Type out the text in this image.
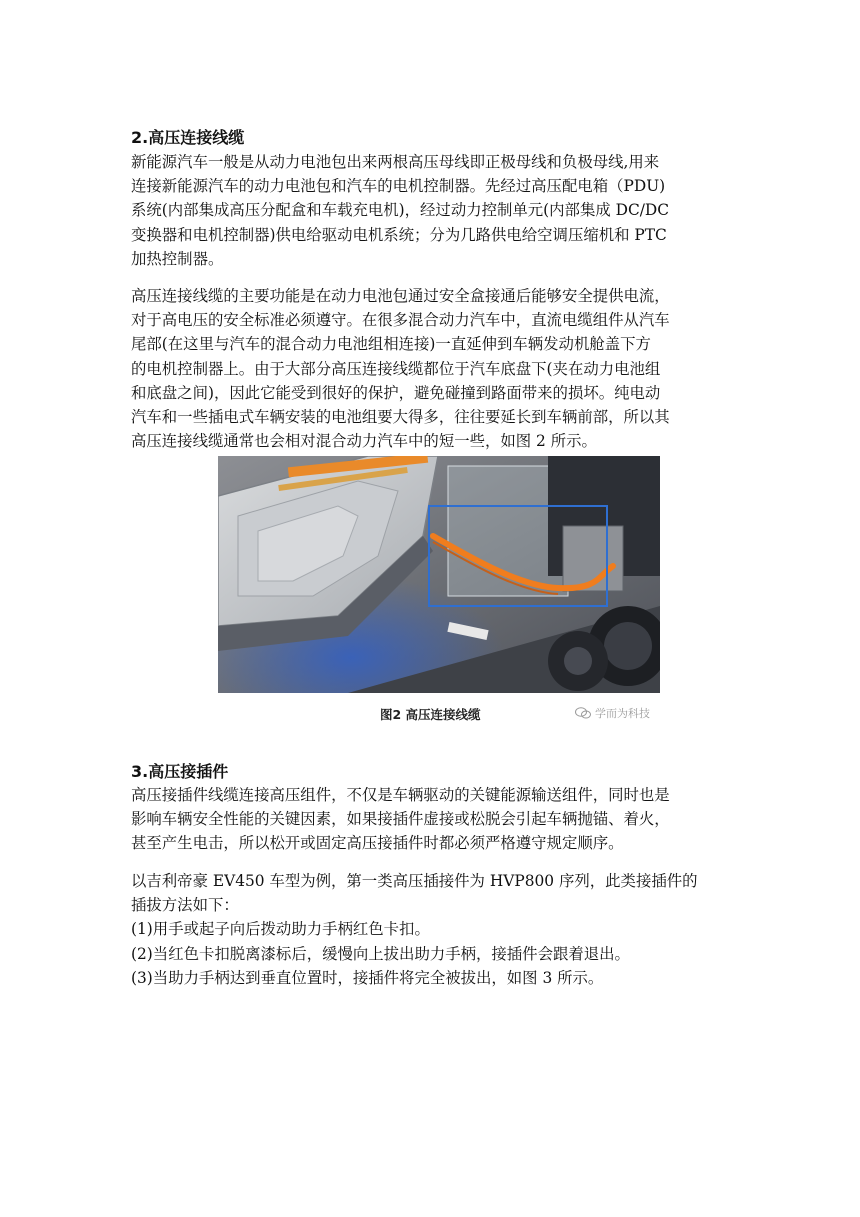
2.高压连接线缆

新能源汽车一般是从动力电池包出来两根高压母线即正极母线和负极母线,用来

连接新能源汽车的动力电池包和汽车的电机控制器。先经过高压配电箱（PDU)

系统(内部集成高压分配盒和车载充电机)，经过动力控制单元(内部集成 DC/DC

变换器和电机控制器)供电给驱动电机系统；分为几路供电给空调压缩机和 PTC

加热控制器。

高压连接线缆的主要功能是在动力电池包通过安全盒接通后能够安全提供电流，

对于高电压的安全标准必须遵守。在很多混合动力汽车中，直流电缆组件从汽车

尾部(在这里与汽车的混合动力电池组相连接)一直延伸到车辆发动机舱盖下方

的电机控制器上。由于大部分高压连接线缆都位于汽车底盘下(夹在动力电池组

和底盘之间)，因此它能受到很好的保护，避免碰撞到路面带来的损坏。纯电动

汽车和一些插电式车辆安装的电池组要大得多，往往要延长到车辆前部，所以其

高压连接线缆通常也会相对混合动力汽车中的短一些，如图 2 所示。

图2 高压连接线缆	学而为科技
3.高压接插件

高压接插件线缆连接高压组件，不仅是车辆驱动的关键能源输送组件，同时也是

影响车辆安全性能的关键因素，如果接插件虚接或松脱会引起车辆抛锚、着火，

甚至产生电击，所以松开或固定高压接插件时都必须严格遵守规定顺序。

以吉利帝豪 EV450 车型为例，第一类高压插接件为 HVP800 序列，此类接插件的

插拔方法如下：

(1)用手或起子向后拨动助力手柄红色卡扣。

(2)当红色卡扣脱离漆标后，缓慢向上拔出助力手柄，接插件会跟着退出。

(3)当助力手柄达到垂直位置时，接插件将完全被拔出，如图 3 所示。
